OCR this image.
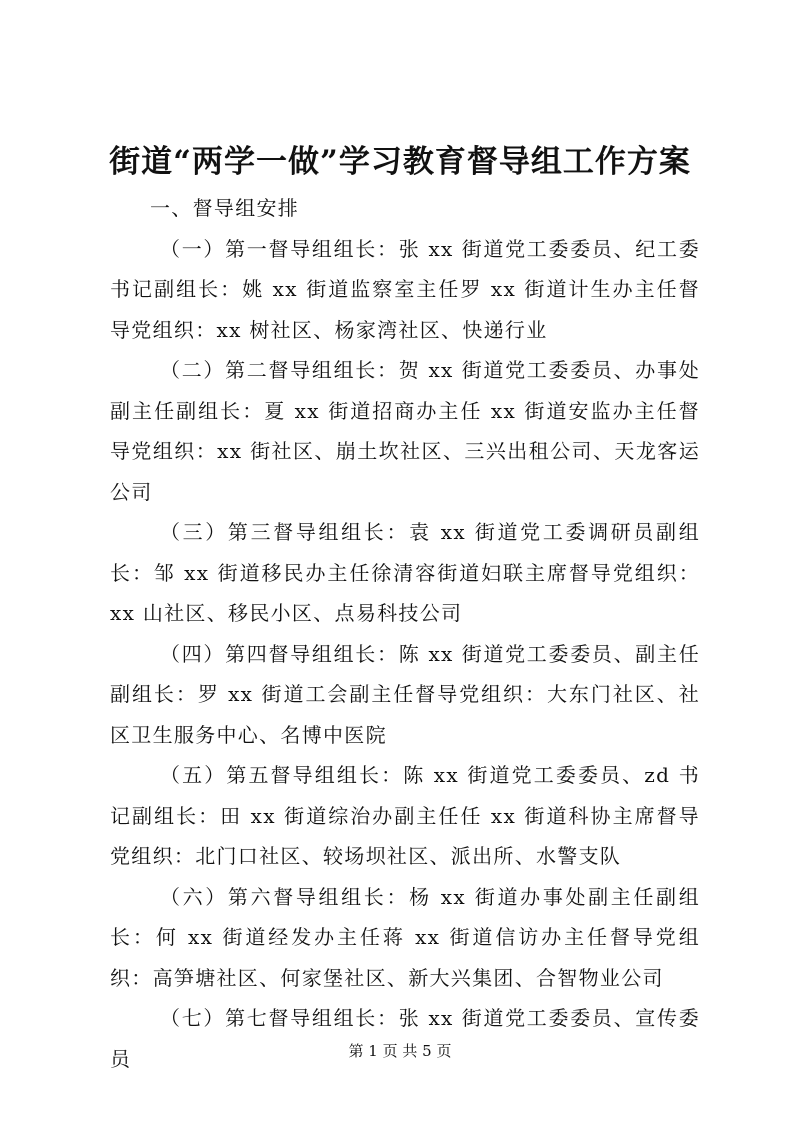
街道“两学一做”学习教育督导组工作方案

一、督导组安排

（一）第一督导组组长：张 xx 街道党工委委员、纪工委书记副组长：姚 xx 街道监察室主任罗 xx 街道计生办主任督导党组织：xx 树社区、杨家湾社区、快递行业

（二）第二督导组组长：贺 xx 街道党工委委员、办事处副主任副组长：夏 xx 街道招商办主任 xx 街道安监办主任督导党组织：xx 街社区、崩土坎社区、三兴出租公司、天龙客运公司

（三）第三督导组组长：袁 xx 街道党工委调研员副组长：邹 xx 街道移民办主任徐清容街道妇联主席督导党组织：xx 山社区、移民小区、点易科技公司

（四）第四督导组组长：陈 xx 街道党工委委员、副主任副组长：罗 xx 街道工会副主任督导党组织：大东门社区、社区卫生服务中心、名博中医院

（五）第五督导组组长：陈 xx 街道党工委委员、zd 书记副组长：田 xx 街道综治办副主任任 xx 街道科协主席督导党组织：北门口社区、较场坝社区、派出所、水警支队

（六）第六督导组组长：杨 xx 街道办事处副主任副组长：何 xx 街道经发办主任蒋 xx 街道信访办主任督导党组织：高笋塘社区、何家堡社区、新大兴集团、合智物业公司

（七）第七督导组组长：张 xx 街道党工委委员、宣传委员	第 1 页 共 5 页
